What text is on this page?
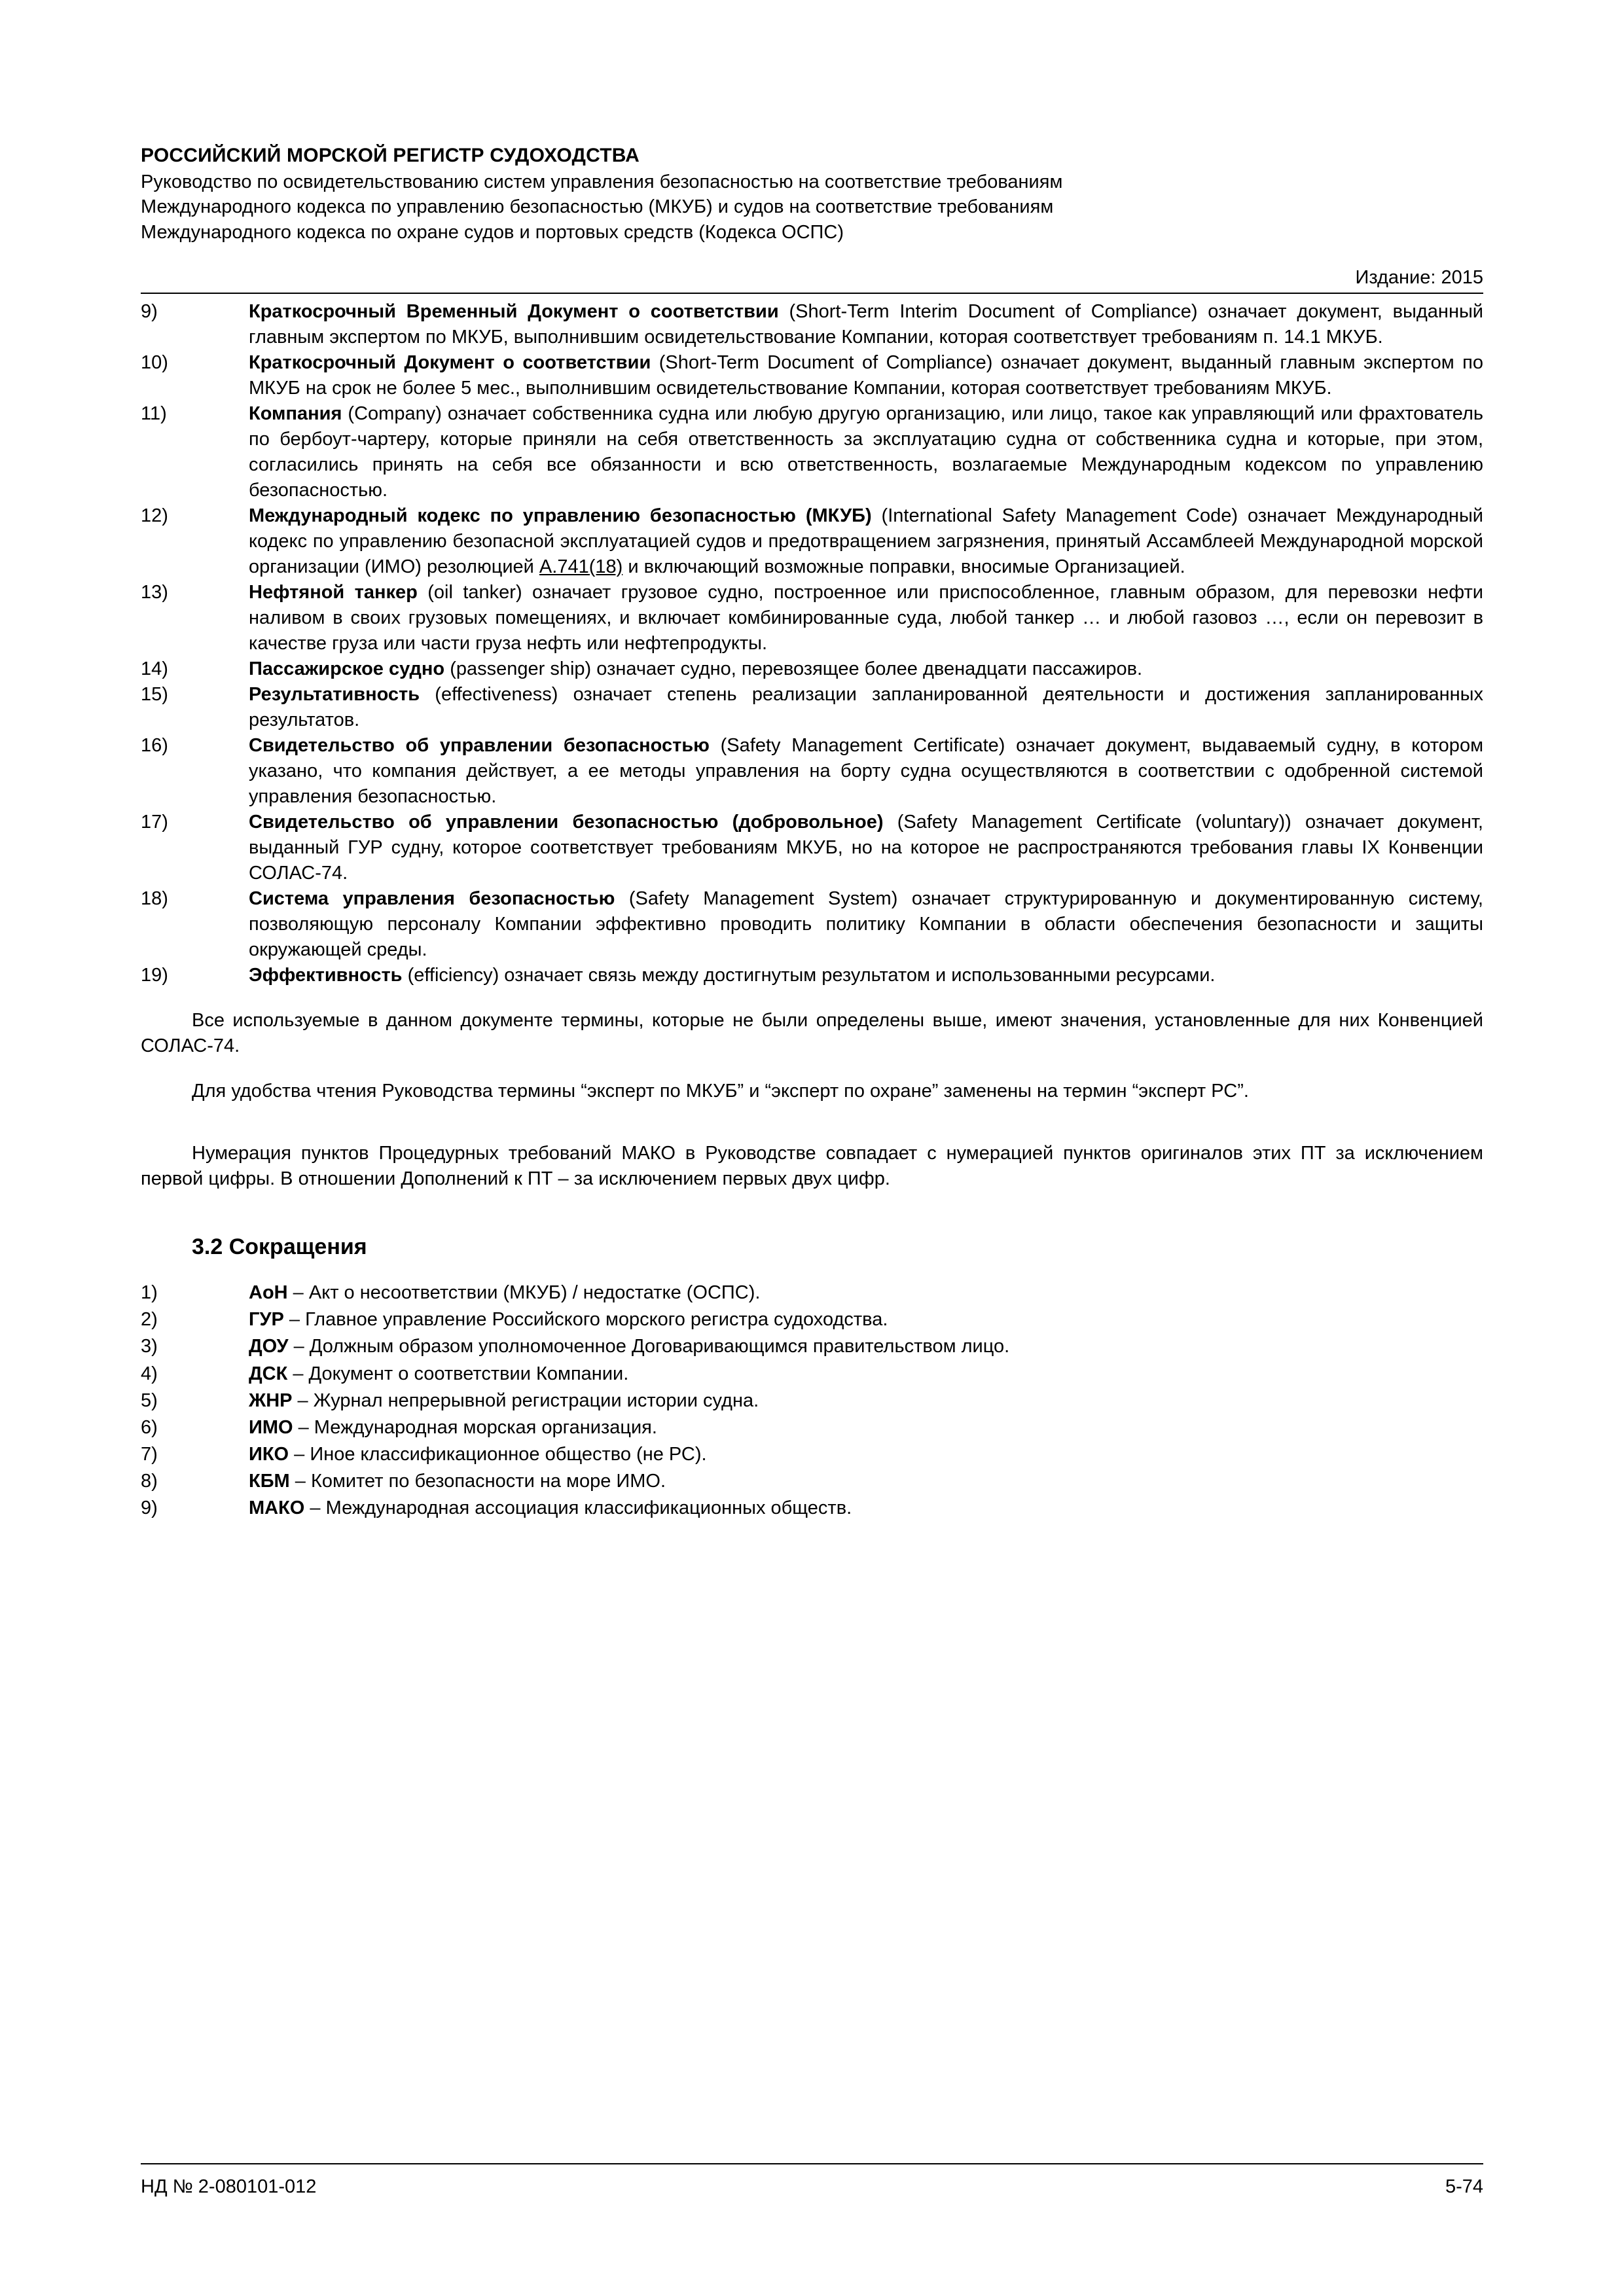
РОССИЙСКИЙ МОРСКОЙ РЕГИСТР СУДОХОДСТВА
Руководство по освидетельствованию систем управления безопасностью на соответствие требованиям
Международного кодекса по управлению безопасностью (МКУБ) и судов на соответствие требованиям
Международного кодекса по охране судов и портовых средств (Кодекса ОСПС)
Издание: 2015
9)	Краткосрочный Временный Документ о соответствии (Short-Term Interim Document of Compliance) означает документ, выданный главным экспертом по МКУБ, выполнившим освидетельствование Компании, которая соответствует требованиям п. 14.1 МКУБ.
10)	Краткосрочный Документ о соответствии (Short-Term Document of Compliance) означает документ, выданный главным экспертом по МКУБ на срок не более 5 мес., выполнившим освидетельствование Компании, которая соответствует требованиям МКУБ.
11)	Компания (Company) означает собственника судна или любую другую организацию, или лицо, такое как управляющий или фрахтователь по бербоут-чартеру, которые приняли на себя ответственность за эксплуатацию судна от собственника судна и которые, при этом, согласились принять на себя все обязанности и всю ответственность, возлагаемые Международным кодексом по управлению безопасностью.
12)	Международный кодекс по управлению безопасностью (МКУБ) (International Safety Management Code) означает Международный кодекс по управлению безопасной эксплуатацией судов и предотвращением загрязнения, принятый Ассамблеей Международной морской организации (ИМО) резолюцией А.741(18) и включающий возможные поправки, вносимые Организацией.
13)	Нефтяной танкер (oil tanker) означает грузовое судно, построенное или приспособленное, главным образом, для перевозки нефти наливом в своих грузовых помещениях, и включает комбинированные суда, любой танкер … и любой газовоз …, если он перевозит в качестве груза или части груза нефть или нефтепродукты.
14)	Пассажирское судно (passenger ship) означает судно, перевозящее более двенадцати пассажиров.
15)	Результативность (effectiveness) означает степень реализации запланированной деятельности и достижения запланированных результатов.
16)	Свидетельство об управлении безопасностью (Safety Management Certificate) означает документ, выдаваемый судну, в котором указано, что компания действует, а ее методы управления на борту судна осуществляются в соответствии с одобренной системой управления безопасностью.
17)	Свидетельство об управлении безопасностью (добровольное) (Safety Management Certificate (voluntary)) означает документ, выданный ГУР судну, которое соответствует требованиям МКУБ, но на которое не распространяются требования главы IX Конвенции СОЛАС-74.
18)	Система управления безопасностью (Safety Management System) означает структурированную и документированную систему, позволяющую персоналу Компании эффективно проводить политику Компании в области обеспечения безопасности и защиты окружающей среды.
19)	Эффективность (efficiency) означает связь между достигнутым результатом и использованными ресурсами.

Все используемые в данном документе термины, которые не были определены выше, имеют значения, установленные для них Конвенцией СОЛАС-74.

Для удобства чтения Руководства термины “эксперт по МКУБ” и “эксперт по охране” заменены на термин “эксперт РС”.

Нумерация пунктов Процедурных требований МАКО в Руководстве совпадает с нумерацией пунктов оригиналов этих ПТ за исключением первой цифры. В отношении Дополнений к ПТ – за исключением первых двух цифр.

3.2 Сокращения
1)	АоН – Акт о несоответствии (МКУБ) / недостатке (ОСПС).
2)	ГУР – Главное управление Российского морского регистра судоходства.
3)	ДОУ – Должным образом уполномоченное Договаривающимся правительством лицо.
4)	ДСК – Документ о соответствии Компании.
5)	ЖНР – Журнал непрерывной регистрации истории судна.
6)	ИМО – Международная морская организация.
7)	ИКО – Иное классификационное общество (не РС).
8)	КБМ – Комитет по безопасности на море ИМО.
9)	МАКО – Международная ассоциация классификационных обществ.
НД № 2-080101-012	5-74
